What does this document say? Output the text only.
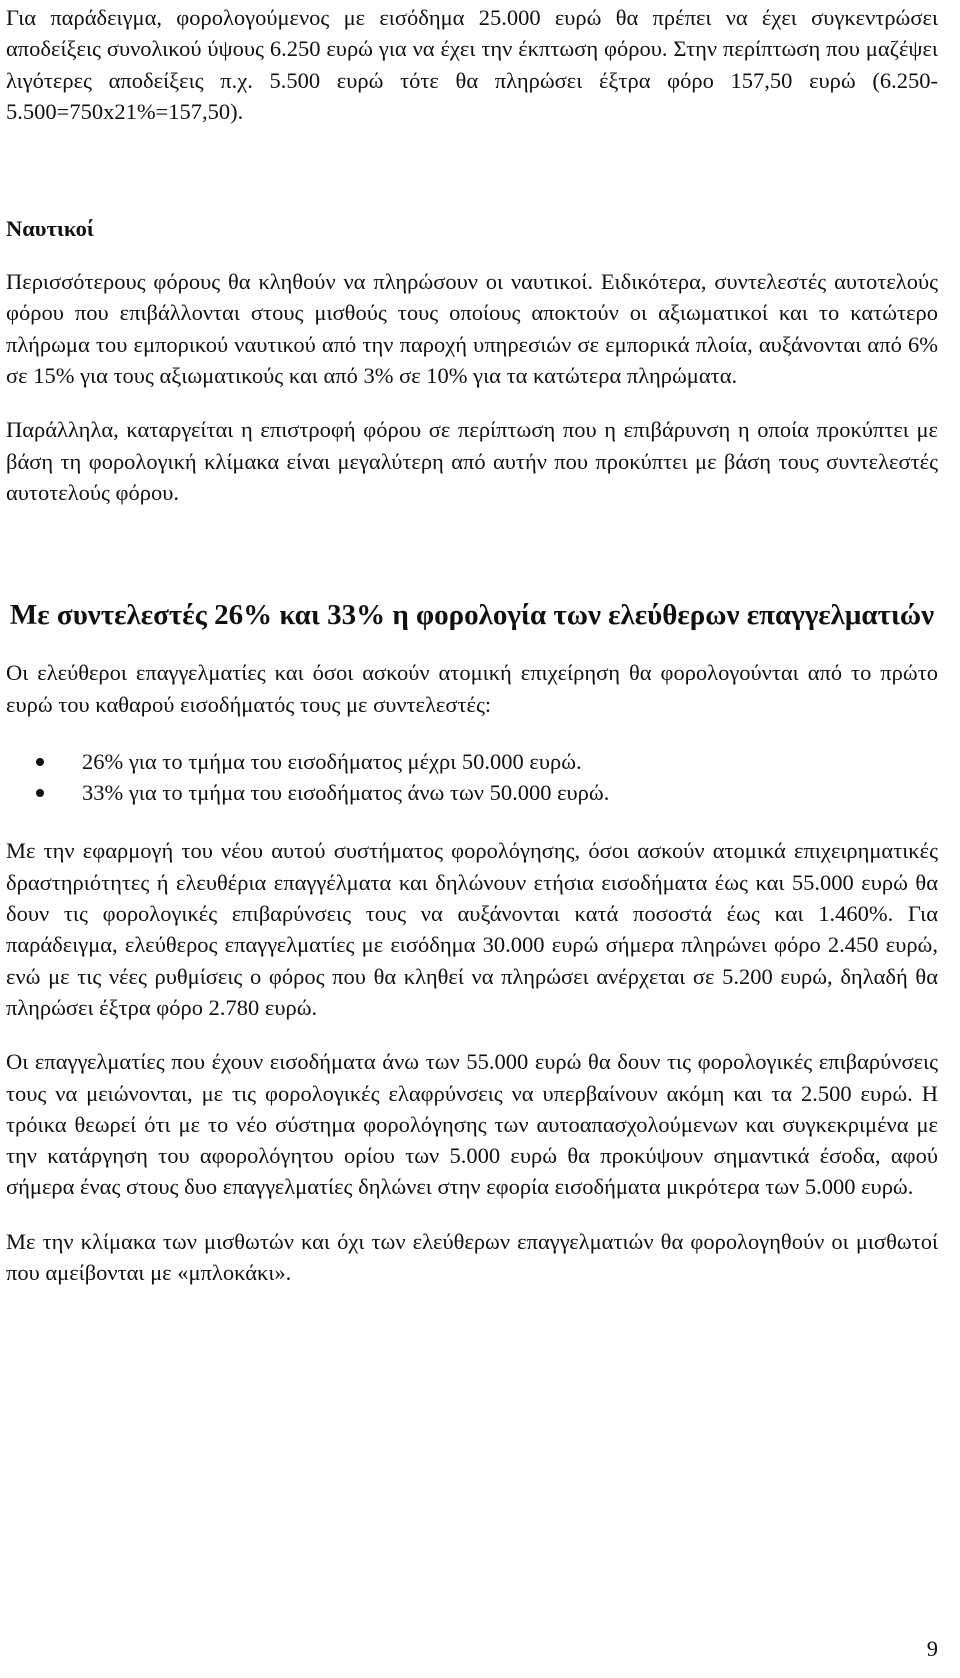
Για παράδειγμα, φορολογούμενος με εισόδημα 25.000 ευρώ θα πρέπει να έχει συγκεντρώσει αποδείξεις συνολικού ύψους 6.250 ευρώ για να έχει την έκπτωση φόρου. Στην περίπτωση που μαζέψει λιγότερες αποδείξεις π.χ. 5.500 ευρώ τότε θα πληρώσει έξτρα φόρο 157,50 ευρώ (6.250-5.500=750x21%=157,50).

Ναυτικοί

Περισσότερους φόρους θα κληθούν να πληρώσουν οι ναυτικοί. Ειδικότερα, συντελεστές αυτοτελούς φόρου που επιβάλλονται στους μισθούς τους οποίους αποκτούν οι αξιωματικοί και το κατώτερο πλήρωμα του εμπορικού ναυτικού από την παροχή υπηρεσιών σε εμπορικά πλοία, αυξάνονται από 6% σε 15% για τους αξιωματικούς και από 3% σε 10% για τα κατώτερα πληρώματα.

Παράλληλα, καταργείται η επιστροφή φόρου σε περίπτωση που η επιβάρυνση η οποία προκύπτει με βάση τη φορολογική κλίμακα είναι μεγαλύτερη από αυτήν που προκύπτει με βάση τους συντελεστές αυτοτελούς φόρου.

Με συντελεστές 26% και 33% η φορολογία των ελεύθερων επαγγελματιών

Οι ελεύθεροι επαγγελματίες και όσοι ασκούν ατομική επιχείρηση θα φορολογούνται από το πρώτο ευρώ του καθαρού εισοδήματός τους με συντελεστές:

26% για το τμήμα του εισοδήματος μέχρι 50.000 ευρώ.
33% για το τμήμα του εισοδήματος άνω των 50.000 ευρώ.

Με την εφαρμογή του νέου αυτού συστήματος φορολόγησης, όσοι ασκούν ατομικά επιχειρηματικές δραστηριότητες ή ελευθέρια επαγγέλματα και δηλώνουν ετήσια εισοδήματα έως και 55.000 ευρώ θα δουν τις φορολογικές επιβαρύνσεις τους να αυξάνονται κατά ποσοστά έως και 1.460%. Για παράδειγμα, ελεύθερος επαγγελματίες με εισόδημα 30.000 ευρώ σήμερα πληρώνει φόρο 2.450 ευρώ, ενώ με τις νέες ρυθμίσεις ο φόρος που θα κληθεί να πληρώσει ανέρχεται σε 5.200 ευρώ, δηλαδή θα πληρώσει έξτρα φόρο 2.780 ευρώ.

Οι επαγγελματίες που έχουν εισοδήματα άνω των 55.000 ευρώ θα δουν τις φορολογικές επιβαρύνσεις τους να μειώνονται, με τις φορολογικές ελαφρύνσεις να υπερβαίνουν ακόμη και τα 2.500 ευρώ. Η τρόικα θεωρεί ότι με το νέο σύστημα φορολόγησης των αυτοαπασχολούμενων και συγκεκριμένα με την κατάργηση του αφορολόγητου ορίου των 5.000 ευρώ θα προκύψουν σημαντικά έσοδα, αφού σήμερα ένας στους δυο επαγγελματίες δηλώνει στην εφορία εισοδήματα μικρότερα των 5.000 ευρώ.

Με την κλίμακα των μισθωτών και όχι των ελεύθερων επαγγελματιών θα φορολογηθούν οι μισθωτοί που αμείβονται με «μπλοκάκι».

9
